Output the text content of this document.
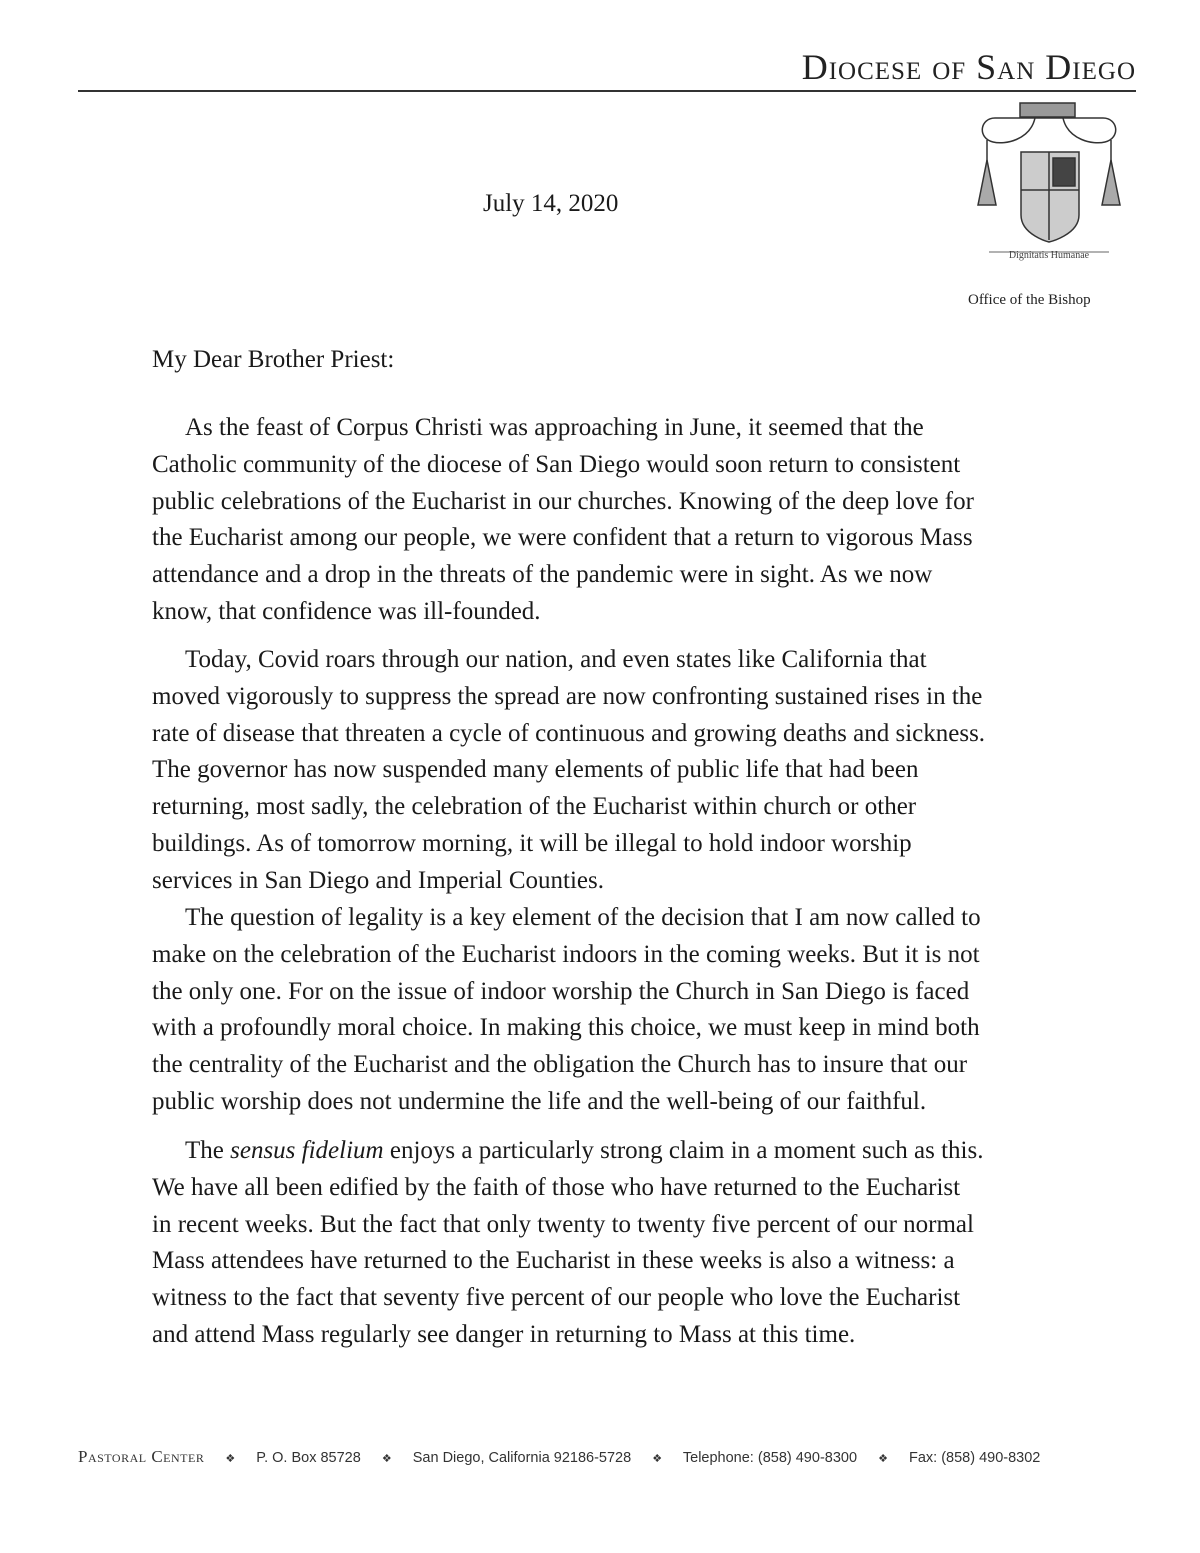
Diocese of San Diego
July 14, 2020
Dignitatis Humanae
Office of the Bishop
My Dear Brother Priest:
As the feast of Corpus Christi was approaching in June, it seemed that the
Catholic community of the diocese of San Diego would soon return to consistent
public celebrations of the Eucharist in our churches. Knowing of the deep love for
the Eucharist among our people, we were confident that a return to vigorous Mass
attendance and a drop in the threats of the pandemic were in sight. As we now
know, that confidence was ill-founded.
Today, Covid roars through our nation, and even states like California that
moved vigorously to suppress the spread are now confronting sustained rises in the
rate of disease that threaten a cycle of continuous and growing deaths and sickness.
The governor has now suspended many elements of public life that had been
returning, most sadly, the celebration of the Eucharist within church or other
buildings. As of tomorrow morning, it will be illegal to hold indoor worship
services in San Diego and Imperial Counties.
The question of legality is a key element of the decision that I am now called to
make on the celebration of the Eucharist indoors in the coming weeks. But it is not
the only one. For on the issue of indoor worship the Church in San Diego is faced
with a profoundly moral choice. In making this choice, we must keep in mind both
the centrality of the Eucharist and the obligation the Church has to insure that our
public worship does not undermine the life and the well-being of our faithful.
The sensus fidelium enjoys a particularly strong claim in a moment such as this.
We have all been edified by the faith of those who have returned to the Eucharist
in recent weeks. But the fact that only twenty to twenty five percent of our normal
Mass attendees have returned to the Eucharist in these weeks is also a witness: a
witness to the fact that seventy five percent of our people who love the Eucharist
and attend Mass regularly see danger in returning to Mass at this time.
Pastoral Center ❖ P. O. Box 85728 ❖ San Diego, California 92186-5728 ❖ Telephone: (858) 490-8300 ❖ Fax: (858) 490-8302
